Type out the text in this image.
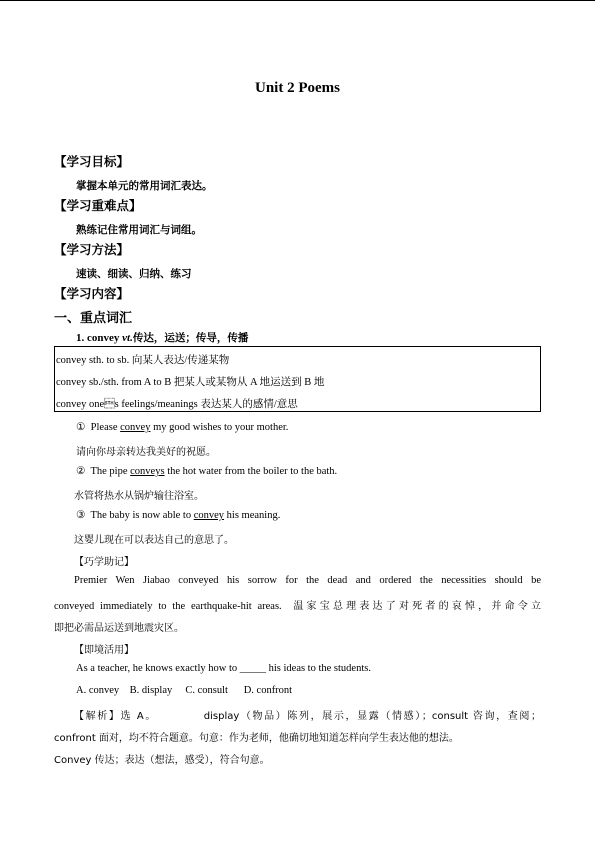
Unit 2 Poems
【学习目标】
掌握本单元的常用词汇表达。
【学习重难点】
熟练记住常用词汇与词组。
【学习方法】
速读、细读、归纳、练习
【学习内容】
一、重点词汇
1. convey vt.传达，运送；传导，传播
convey sth. to sb. 向某人表达/传递某物
convey sb./sth. from A to B 把某人或某物从 A 地运送到 B 地
convey ones feelings/meanings 表达某人的感情/意思
① Please convey my good wishes to your mother.
请向你母亲转达我美好的祝愿。
② The pipe conveys the hot water from the boiler to the bath.
水管将热水从锅炉输往浴室。
③ The baby is now able to convey his meaning.
这婴儿现在可以表达自己的意思了。
【巧学助记】
Premier Wen Jiabao conveyed his sorrow for the dead and ordered the necessities should be
conveyed immediately to the earthquake-hit areas. 温家宝总理表达了对死者的哀悼，并命令立
即把必需品运送到地震灾区。
【即境活用】
As a teacher, he knows exactly how to _____ his ideas to the students.
A. convey    B. display     C. consult      D. confront
【解析】选 A。	display（物品）陈列，展示，显露（情感）；consult 咨询，查阅；
confront 面对，均不符合题意。句意：作为老师，他确切地知道怎样向学生表达他的想法。
Convey 传达；表达（想法，感受），符合句意。
